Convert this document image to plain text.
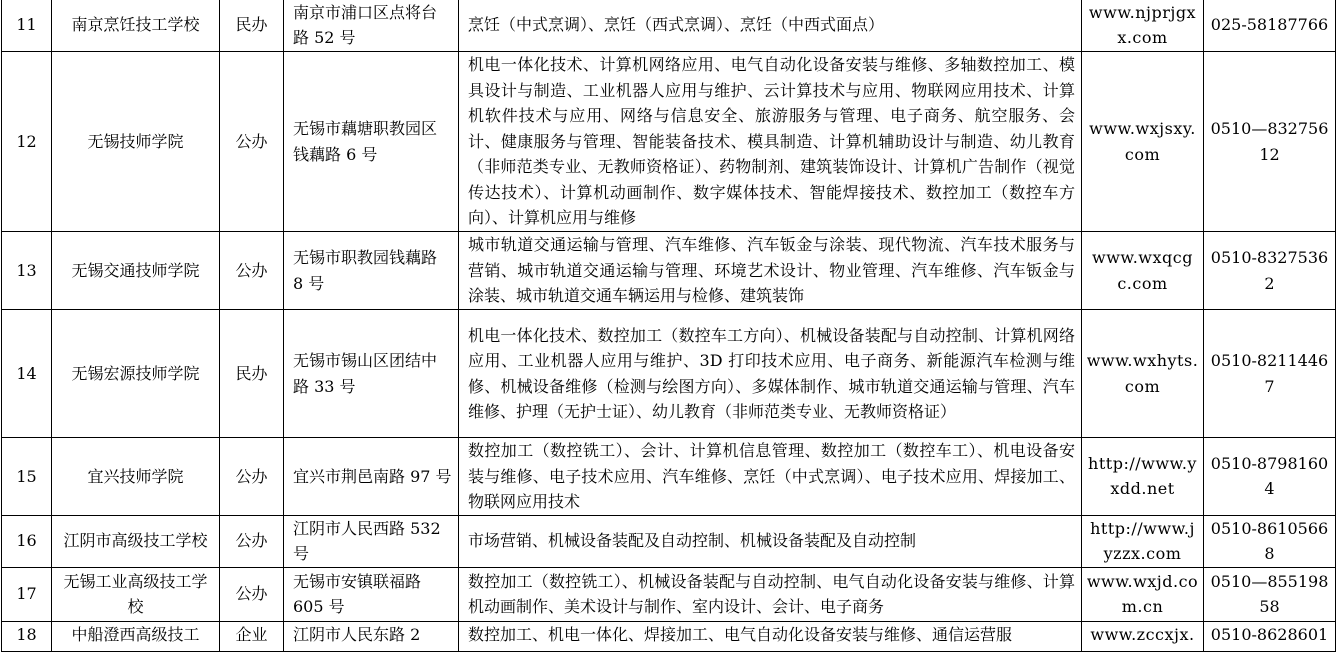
11	南京烹饪技工学校	民办	南京市浦口区点将台路 52 号	烹饪（中式烹调）、烹饪（西式烹调）、烹饪（中西式面点）	www.njprjgxx.com	025-58187766
12	无锡技师学院	公办	无锡市藕塘职教园区钱藕路 6 号	机电一体化技术、计算机网络应用、电气自动化设备安装与维修、多轴数控加工、模具设计与制造、工业机器人应用与维护、云计算技术与应用、物联网应用技术、计算机软件技术与应用、网络与信息安全、旅游服务与管理、电子商务、航空服务、会计、健康服务与管理、智能装备技术、模具制造、计算机辅助设计与制造、幼儿教育（非师范类专业、无教师资格证）、药物制剂、建筑装饰设计、计算机广告制作（视觉传达技术）、计算机动画制作、数字媒体技术、智能焊接技术、数控加工（数控车方向）、计算机应用与维修	www.wxjsxy.com	0510—83275612
13	无锡交通技师学院	公办	无锡市职教园钱藕路 8 号	城市轨道交通运输与管理、汽车维修、汽车钣金与涂装、现代物流、汽车技术服务与营销、城市轨道交通运输与管理、环境艺术设计、物业管理、汽车维修、汽车钣金与涂装、城市轨道交通车辆运用与检修、建筑装饰	www.wxqcgc.com	0510-83275362
14	无锡宏源技师学院	民办	无锡市锡山区团结中路 33 号	机电一体化技术、数控加工（数控车工方向）、机械设备装配与自动控制、计算机网络应用、工业机器人应用与维护、3D 打印技术应用、电子商务、新能源汽车检测与维修、机械设备维修（检测与绘图方向）、多媒体制作、城市轨道交通运输与管理、汽车维修、护理（无护士证）、幼儿教育（非师范类专业、无教师资格证）	www.wxhyts.com	0510-82114467
15	宜兴技师学院	公办	宜兴市荆邑南路 97 号	数控加工（数控铣工）、会计、计算机信息管理、数控加工（数控车工）、机电设备安装与维修、电子技术应用、汽车维修、烹饪（中式烹调）、电子技术应用、焊接加工、物联网应用技术	http://www.yxdd.net	0510-87981604
16	江阴市高级技工学校	公办	江阴市人民西路 532 号	市场营销、机械设备装配及自动控制、机械设备装配及自动控制	http://www.jyzzx.com	0510-86105668
17	无锡工业高级技工学校	公办	无锡市安镇联福路 605 号	数控加工（数控铣工）、机械设备装配与自动控制、电气自动化设备安装与维修、计算机动画制作、美术设计与制作、室内设计、会计、电子商务	www.wxjd.com.cn	0510—85519858
18	中船澄西高级技工	企业	江阴市人民东路 2	数控加工、机电一体化、焊接加工、电气自动化设备安装与维修、通信运营服	www.zccxjx.	0510-8628601
